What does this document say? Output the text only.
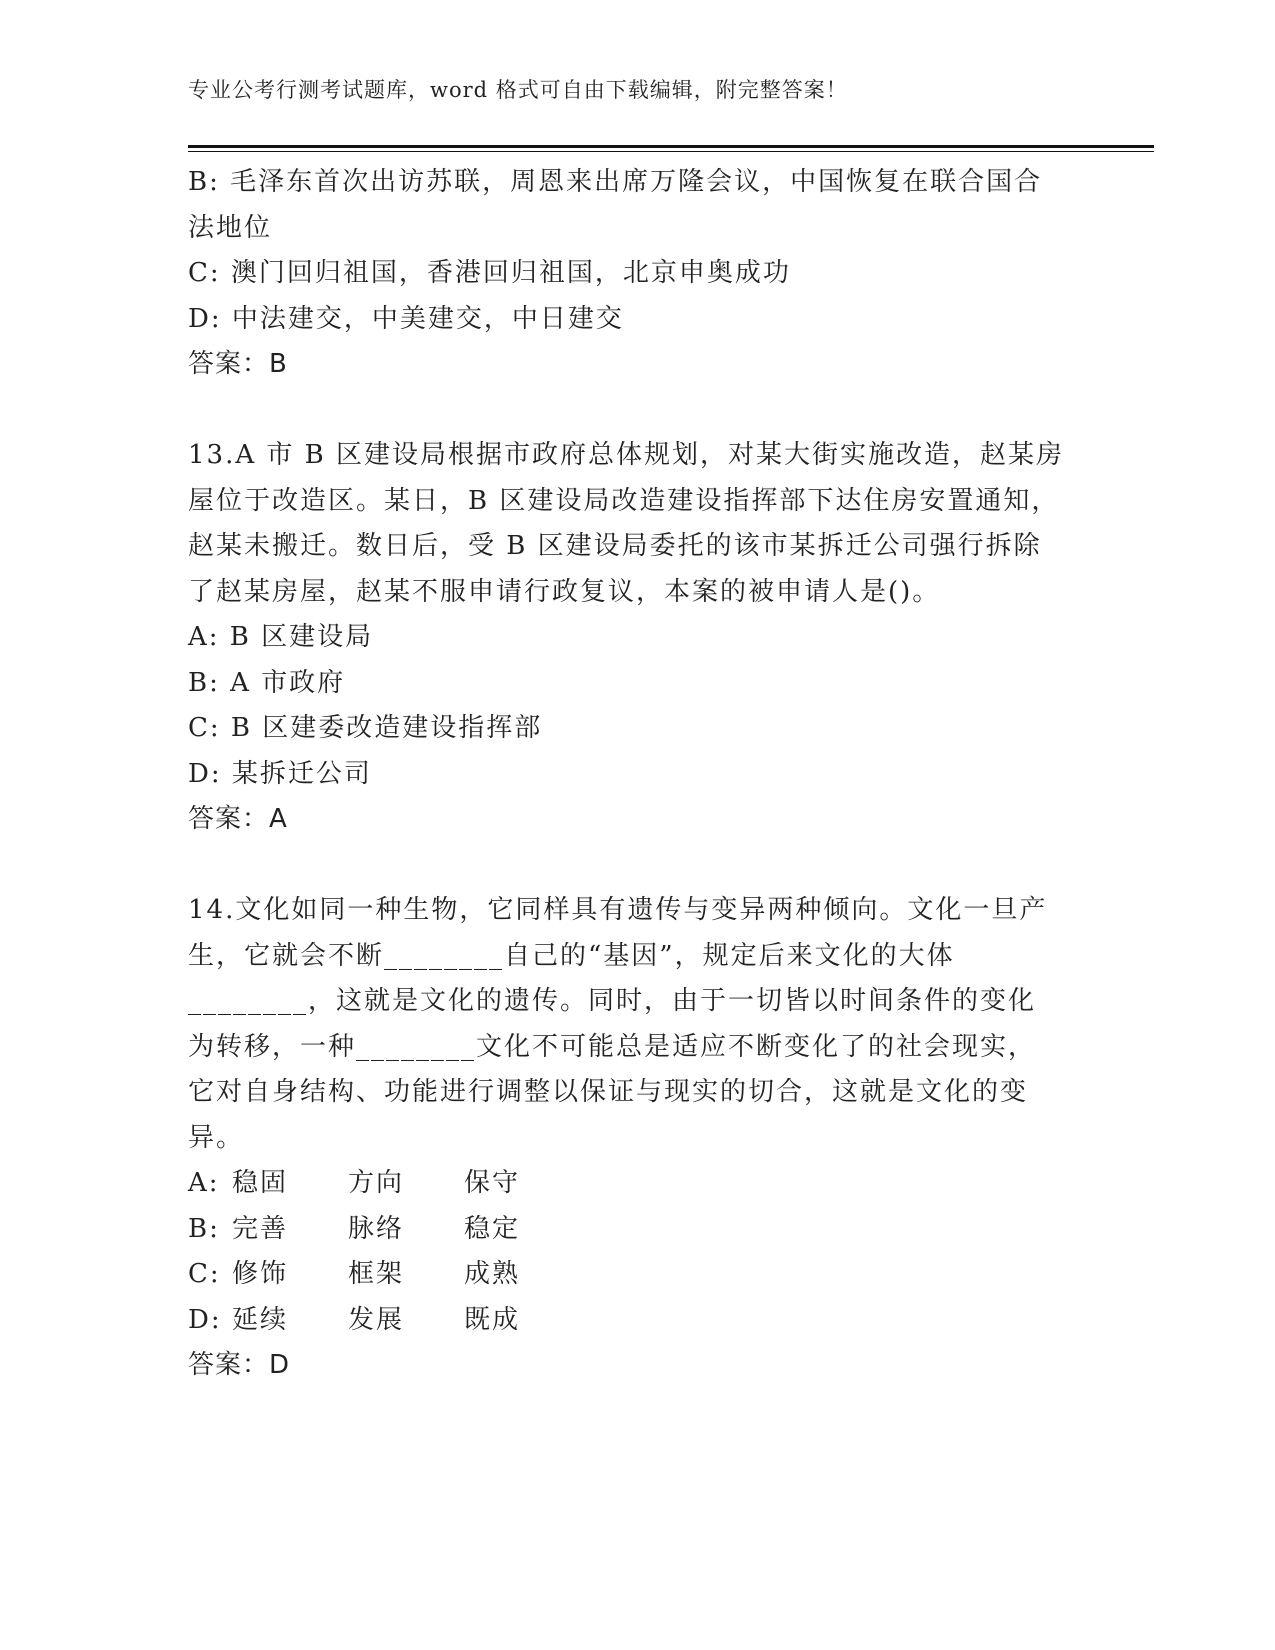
专业公考行测考试题库，word 格式可自由下载编辑，附完整答案！
B: 毛泽东首次出访苏联，周恩来出席万隆会议，中国恢复在联合国合
法地位
C: 澳门回归祖国，香港回归祖国，北京申奥成功
D: 中法建交，中美建交，中日建交
答案：B
13.A 市 B 区建设局根据市政府总体规划，对某大街实施改造，赵某房
屋位于改造区。某日，B 区建设局改造建设指挥部下达住房安置通知，
赵某未搬迁。数日后，受 B 区建设局委托的该市某拆迁公司强行拆除
了赵某房屋，赵某不服申请行政复议，本案的被申请人是()。
A: B 区建设局
B: A 市政府
C: B 区建委改造建设指挥部
D: 某拆迁公司
答案：A
14.文化如同一种生物，它同样具有遗传与变异两种倾向。文化一旦产
生，它就会不断________自己的“基因”，规定后来文化的大体
________，这就是文化的遗传。同时，由于一切皆以时间条件的变化
为转移，一种________文化不可能总是适应不断变化了的社会现实，
它对自身结构、功能进行调整以保证与现实的切合，这就是文化的变
异。
A: 稳固 方向 保守
B: 完善 脉络 稳定
C: 修饰 框架 成熟
D: 延续 发展 既成
答案：D
